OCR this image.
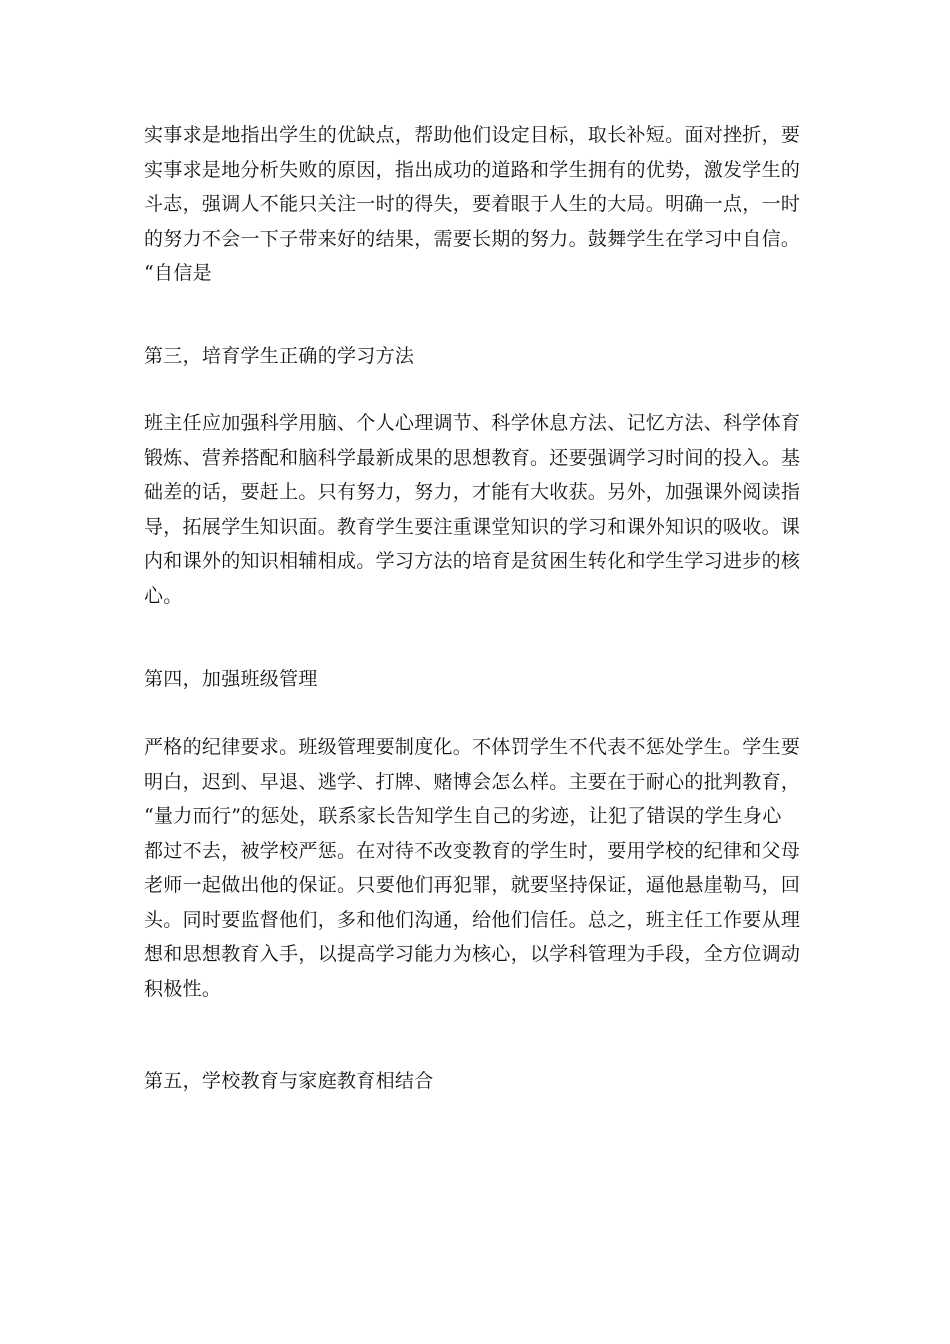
实事求是地指出学生的优缺点，帮助他们设定目标，取长补短。面对挫折，要
实事求是地分析失败的原因，指出成功的道路和学生拥有的优势，激发学生的
斗志，强调人不能只关注一时的得失，要着眼于人生的大局。明确一点，一时
的努力不会一下子带来好的结果，需要长期的努力。鼓舞学生在学习中自信。
“自信是

第三，培育学生正确的学习方法

班主任应加强科学用脑、个人心理调节、科学休息方法、记忆方法、科学体育
锻炼、营养搭配和脑科学最新成果的思想教育。还要强调学习时间的投入。基
础差的话，要赶上。只有努力，努力，才能有大收获。另外，加强课外阅读指
导，拓展学生知识面。教育学生要注重课堂知识的学习和课外知识的吸收。课
内和课外的知识相辅相成。学习方法的培育是贫困生转化和学生学习进步的核
心。

第四，加强班级管理

严格的纪律要求。班级管理要制度化。不体罚学生不代表不惩处学生。学生要
明白，迟到、早退、逃学、打牌、赌博会怎么样。主要在于耐心的批判教育，
“量力而行”的惩处，联系家长告知学生自己的劣迹，让犯了错误的学生身心
都过不去，被学校严惩。在对待不改变教育的学生时，要用学校的纪律和父母
老师一起做出他的保证。只要他们再犯罪，就要坚持保证，逼他悬崖勒马，回
头。同时要监督他们，多和他们沟通，给他们信任。总之，班主任工作要从理
想和思想教育入手，以提高学习能力为核心，以学科管理为手段，全方位调动
积极性。

第五，学校教育与家庭教育相结合
